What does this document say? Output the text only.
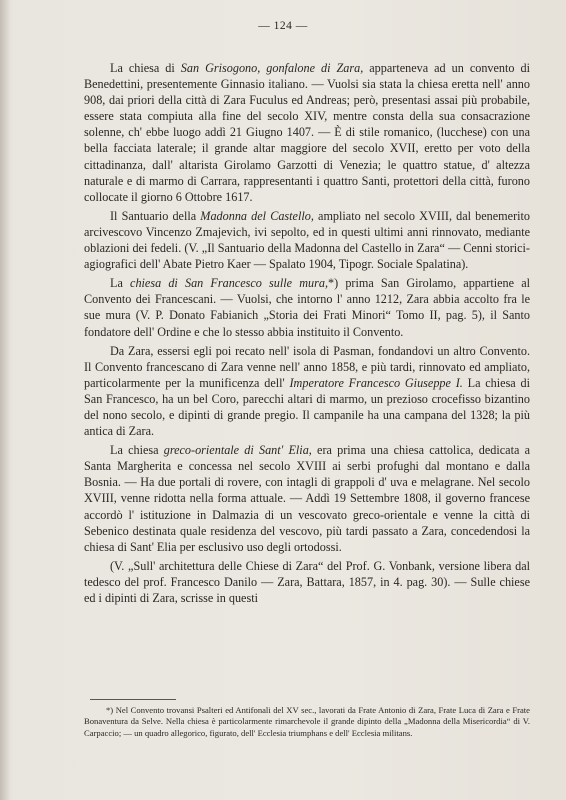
— 124 —

La chiesa di San Grisogono, gonfalone di Zara, apparteneva ad un convento di Benedettini, presentemente Ginnasio italiano. — Vuolsi sia stata la chiesa eretta nell' anno 908, dai priori della città di Zara Fuculus ed Andreas; però, presentasi assai più probabile, essere stata compiuta alla fine del secolo XIV, mentre consta della sua consacrazione solenne, ch' ebbe luogo addì 21 Giugno 1407. — È di stile romanico, (lucchese) con una bella facciata laterale; il grande altar maggiore del secolo XVII, eretto per voto della cittadinanza, dall' altarista Girolamo Garzotti di Venezia; le quattro statue, d' altezza naturale e di marmo di Carrara, rappresentanti i quattro Santi, protettori della città, furono collocate il giorno 6 Ottobre 1617.

Il Santuario della Madonna del Castello, ampliato nel secolo XVIII, dal benemerito arcivescovo Vincenzo Zmajevich, ivi sepolto, ed in questi ultimi anni rinnovato, mediante oblazioni dei fedeli. (V. „Il Santuario della Madonna del Castello in Zara“ — Cenni storici-agiografici dell' Abate Pietro Kaer — Spalato 1904, Tipogr. Sociale Spalatina).

La chiesa di San Francesco sulle mura,*) prima San Girolamo, appartiene al Convento dei Francescani. — Vuolsi, che intorno l' anno 1212, Zara abbia accolto fra le sue mura (V. P. Donato Fabianich „Storia dei Frati Minori“ Tomo II, pag. 5), il Santo fondatore dell' Ordine e che lo stesso abbia instituito il Convento.

Da Zara, essersi egli poi recato nell' isola di Pasman, fondandovi un altro Convento. Il Convento francescano di Zara venne nell' anno 1858, e più tardi, rinnovato ed ampliato, particolarmente per la munificenza dell' Imperatore Francesco Giuseppe I. La chiesa di San Francesco, ha un bel Coro, parecchi altari di marmo, un prezioso crocefisso bizantino del nono secolo, e dipinti di grande pregio. Il campanile ha una campana del 1328; la più antica di Zara.

La chiesa greco-orientale di Sant' Elia, era prima una chiesa cattolica, dedicata a Santa Margherita e concessa nel secolo XVIII ai serbi profughi dal montano e dalla Bosnia. — Ha due portali di rovere, con intagli di grappoli d' uva e melagrane. Nel secolo XVIII, venne ridotta nella forma attuale. — Addì 19 Settembre 1808, il governo francese accordò l' istituzione in Dalmazia di un vescovato greco-orientale e venne la città di Sebenico destinata quale residenza del vescovo, più tardi passato a Zara, concedendosi la chiesa di Sant' Elia per esclusivo uso degli ortodossi.

(V. „Sull' architettura delle Chiese di Zara“ del Prof. G. Vonbank, versione libera dal tedesco del prof. Francesco Danilo — Zara, Battara, 1857, in 4. pag. 30). — Sulle chiese ed i dipinti di Zara, scrisse in questi

*) Nel Convento trovansi Psalteri ed Antifonali del XV sec., lavorati da Frate Antonio di Zara, Frate Luca di Zara e Frate Bonaventura da Selve. Nella chiesa è particolarmente rimarchevole il grande dipinto della „Madonna della Misericordia“ di V. Carpaccio; — un quadro allegorico, figurato, dell' Ecclesia triumphans e dell' Ecclesia militans.
